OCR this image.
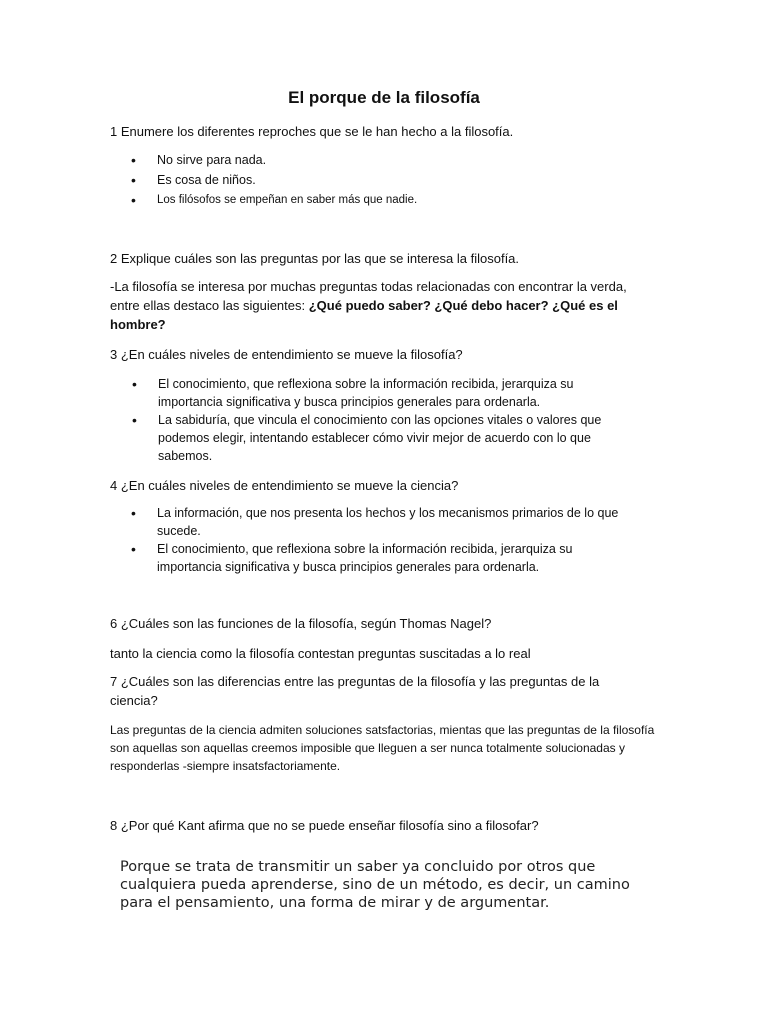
El porque de la filosofía
1 Enumere los diferentes reproches que se le han hecho a la filosofía.
• No sirve para nada.
• Es cosa de niños.
• Los filósofos se empeñan en saber más que nadie.
2 Explique cuáles son las preguntas por las que se interesa la filosofía.
-La filosofía se interesa por muchas preguntas todas relacionadas con encontrar la verda, entre ellas destaco las siguientes: ¿Qué puedo saber? ¿Qué debo hacer? ¿Qué es el hombre?
3 ¿En cuáles niveles de entendimiento se mueve la filosofía?
• El conocimiento, que reflexiona sobre la información recibida, jerarquiza su importancia significativa y busca principios generales para ordenarla.
• La sabiduría, que vincula el conocimiento con las opciones vitales o valores que podemos elegir, intentando establecer cómo vivir mejor de acuerdo con lo que sabemos.
4 ¿En cuáles niveles de entendimiento se mueve la ciencia?
• La información, que nos presenta los hechos y los mecanismos primarios de lo que sucede.
• El conocimiento, que reflexiona sobre la información recibida, jerarquiza su importancia significativa y busca principios generales para ordenarla.
6 ¿Cuáles son las funciones de la filosofía, según Thomas Nagel?
tanto la ciencia como la filosofía contestan preguntas suscitadas a lo real
7 ¿Cuáles son las diferencias entre las preguntas de la filosofía y las preguntas de la ciencia?
Las preguntas de la ciencia admiten soluciones satsfactorias, mientas que las preguntas de la filosofía son aquellas son aquellas creemos imposible que lleguen a ser nunca totalmente solucionadas y responderlas -siempre insatsfactoriamente.
8 ¿Por qué Kant afirma que no se puede enseñar filosofía sino a filosofar?
Porque se trata de transmitir un saber ya concluido por otros que cualquiera pueda aprenderse, sino de un método, es decir, un camino para el pensamiento, una forma de mirar y de argumentar.
